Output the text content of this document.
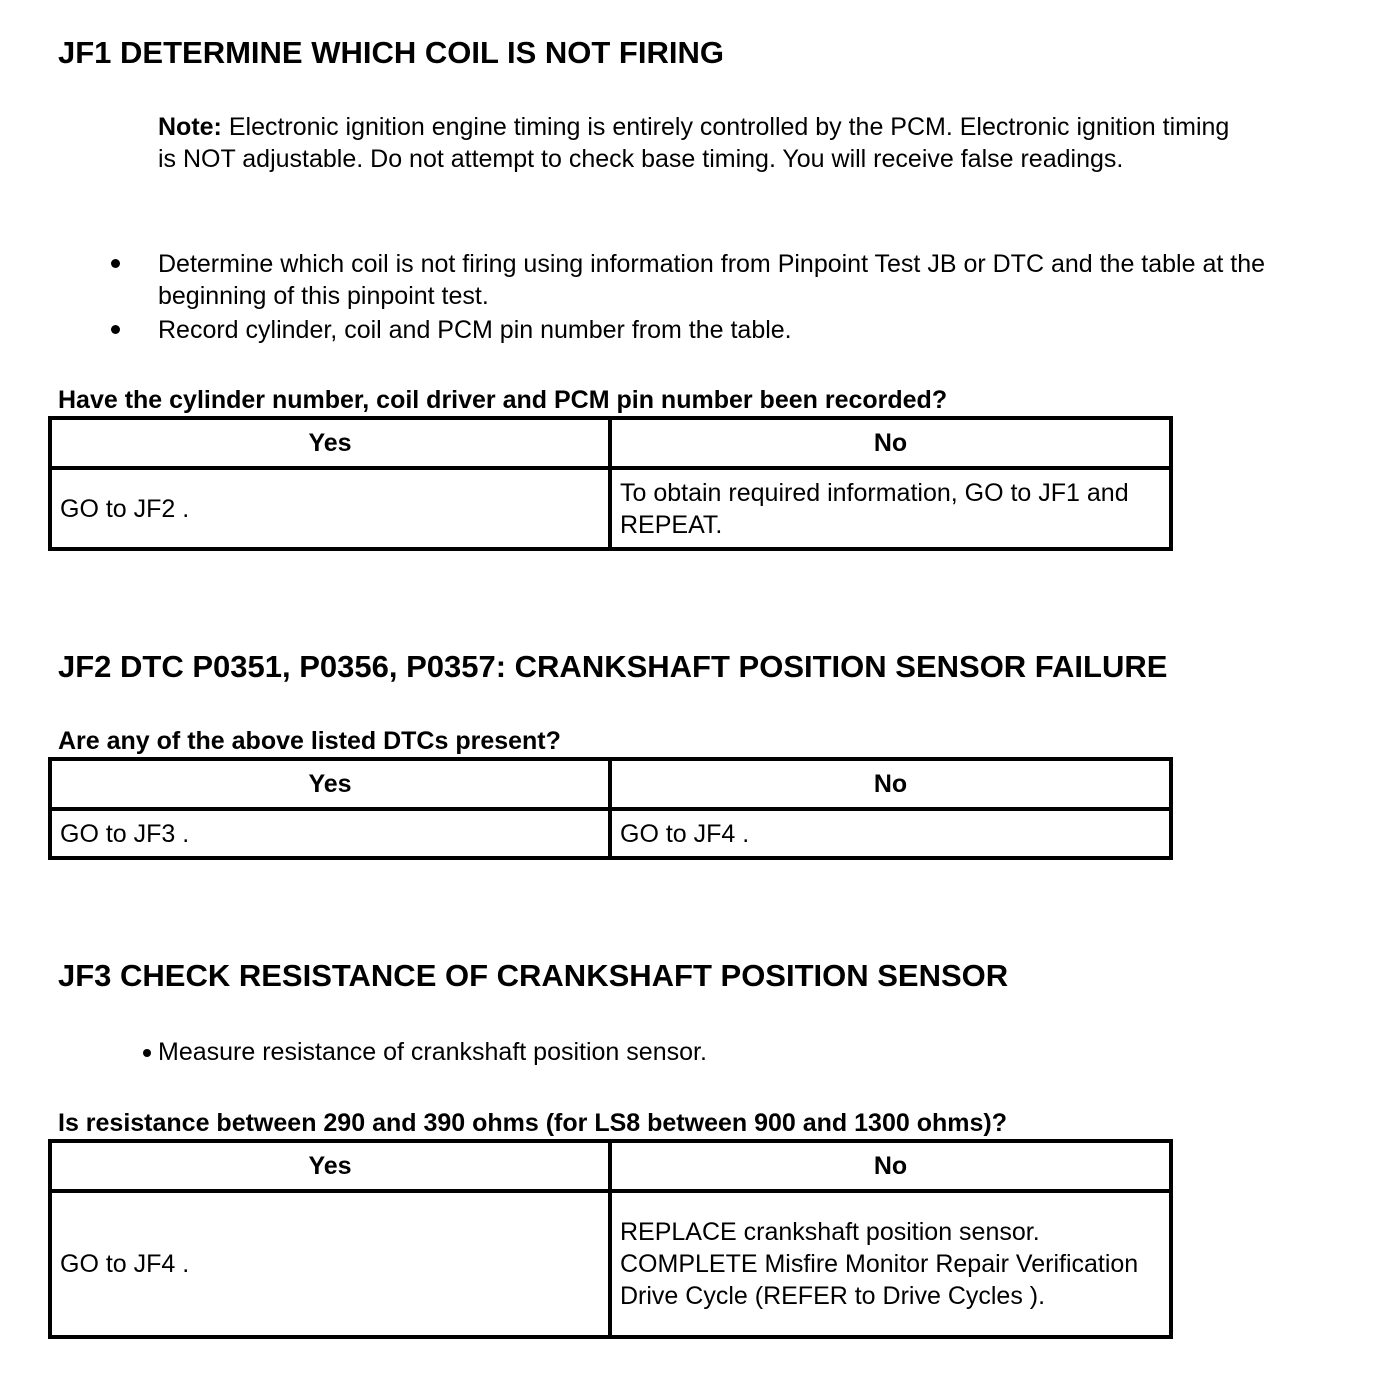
JF1 DETERMINE WHICH COIL IS NOT FIRING
Note: Electronic ignition engine timing is entirely controlled by the PCM. Electronic ignition timing is NOT adjustable. Do not attempt to check base timing. You will receive false readings.
Determine which coil is not firing using information from Pinpoint Test JB or DTC and the table at the beginning of this pinpoint test.
Record cylinder, coil and PCM pin number from the table.
Have the cylinder number, coil driver and PCM pin number been recorded?
Yes	No
GO to JF2 .	To obtain required information, GO to JF1 and REPEAT.
JF2 DTC P0351, P0356, P0357: CRANKSHAFT POSITION SENSOR FAILURE
Are any of the above listed DTCs present?
Yes	No
GO to JF3 .	GO to JF4 .
JF3 CHECK RESISTANCE OF CRANKSHAFT POSITION SENSOR
Measure resistance of crankshaft position sensor.
Is resistance between 290 and 390 ohms (for LS8 between 900 and 1300 ohms)?
Yes	No
GO to JF4 .	REPLACE crankshaft position sensor. COMPLETE Misfire Monitor Repair Verification Drive Cycle (REFER to Drive Cycles ).
